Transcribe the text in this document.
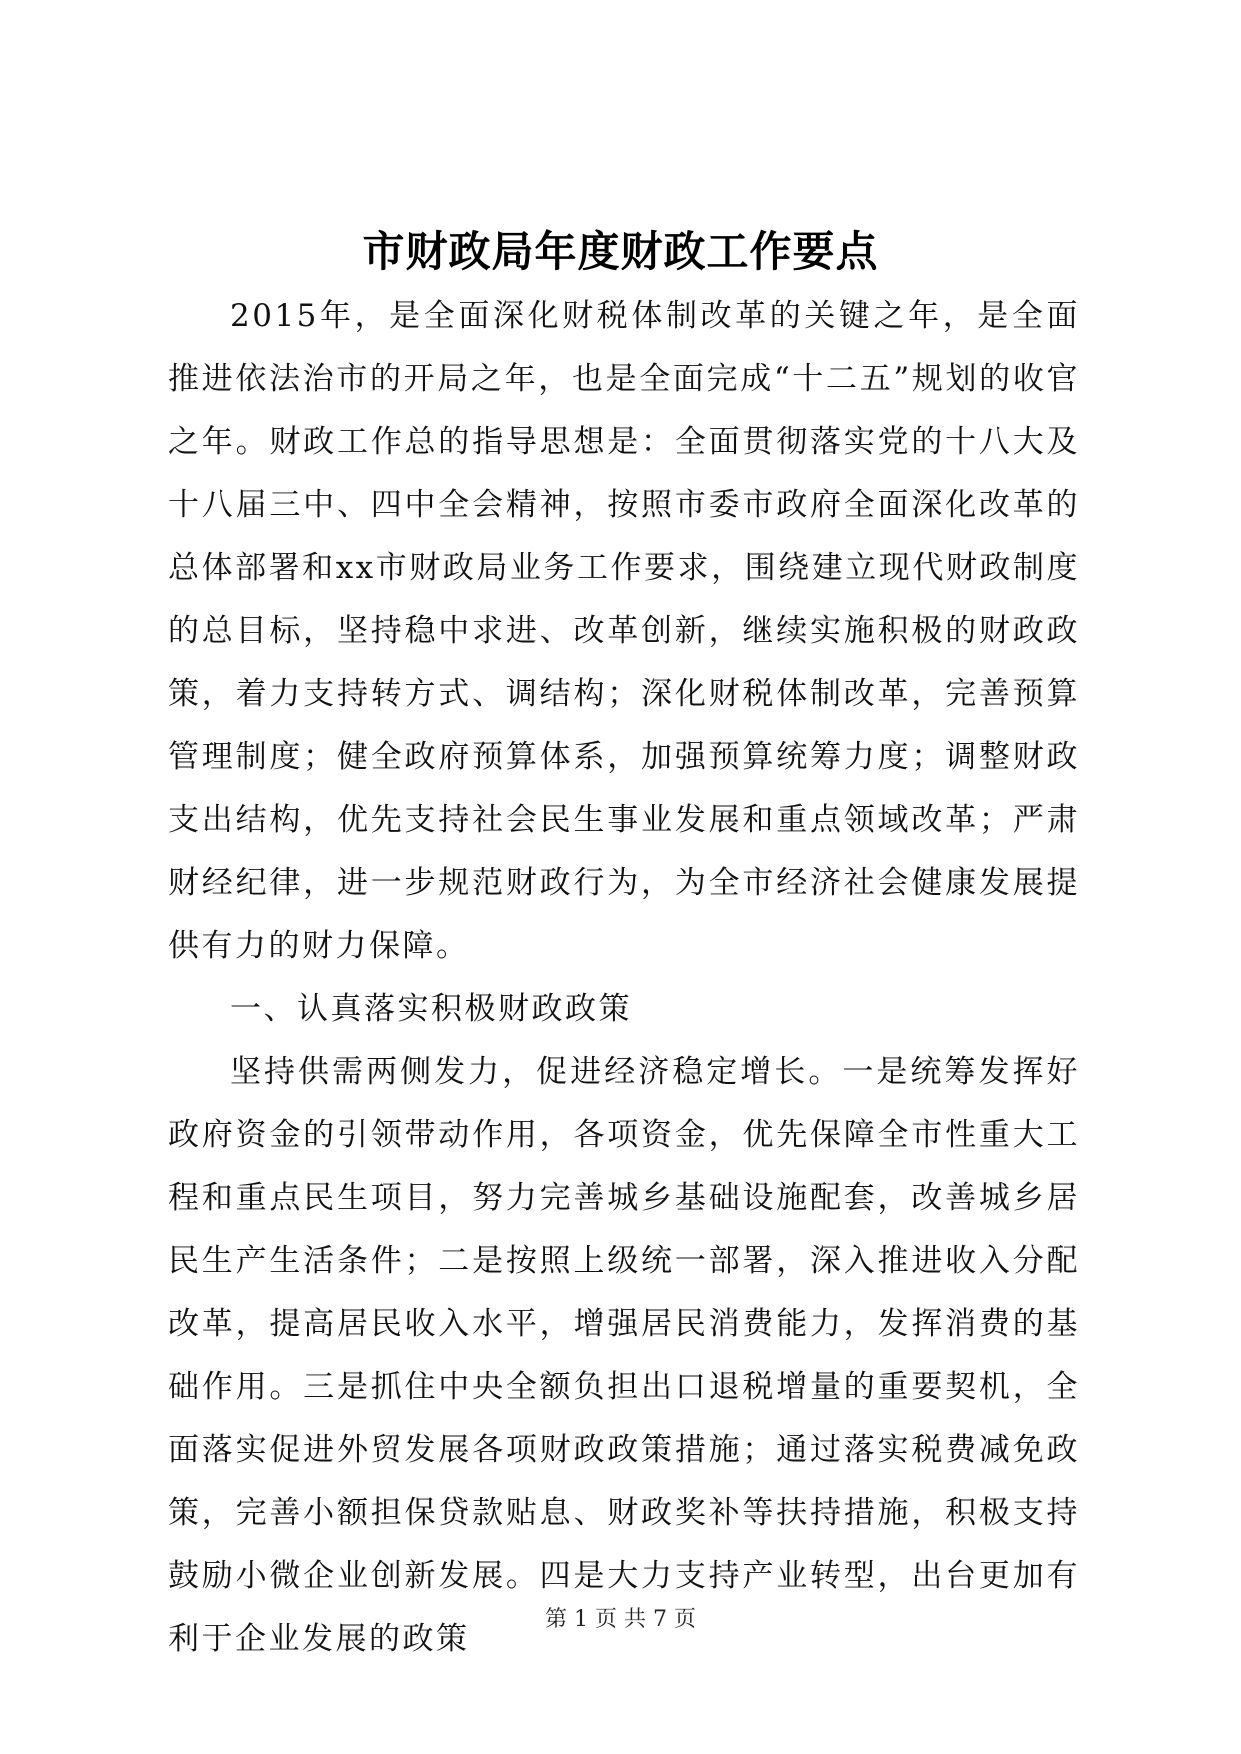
市财政局年度财政工作要点

2015年，是全面深化财税体制改革的关键之年，是全面推进依法治市的开局之年，也是全面完成“十二五”规划的收官之年。财政工作总的指导思想是：全面贯彻落实党的十八大及十八届三中、四中全会精神，按照市委市政府全面深化改革的总体部署和xx市财政局业务工作要求，围绕建立现代财政制度的总目标，坚持稳中求进、改革创新，继续实施积极的财政政策，着力支持转方式、调结构；深化财税体制改革，完善预算管理制度；健全政府预算体系，加强预算统筹力度；调整财政支出结构，优先支持社会民生事业发展和重点领域改革；严肃财经纪律，进一步规范财政行为，为全市经济社会健康发展提供有力的财力保障。

一、认真落实积极财政政策

坚持供需两侧发力，促进经济稳定增长。一是统筹发挥好政府资金的引领带动作用，各项资金，优先保障全市性重大工程和重点民生项目，努力完善城乡基础设施配套，改善城乡居民生产生活条件；二是按照上级统一部署，深入推进收入分配改革，提高居民收入水平，增强居民消费能力，发挥消费的基础作用。三是抓住中央全额负担出口退税增量的重要契机，全面落实促进外贸发展各项财政政策措施；通过落实税费减免政策，完善小额担保贷款贴息、财政奖补等扶持措施，积极支持鼓励小微企业创新发展。四是大力支持产业转型，出台更加有利于企业发展的政策

第 1 页 共 7 页
